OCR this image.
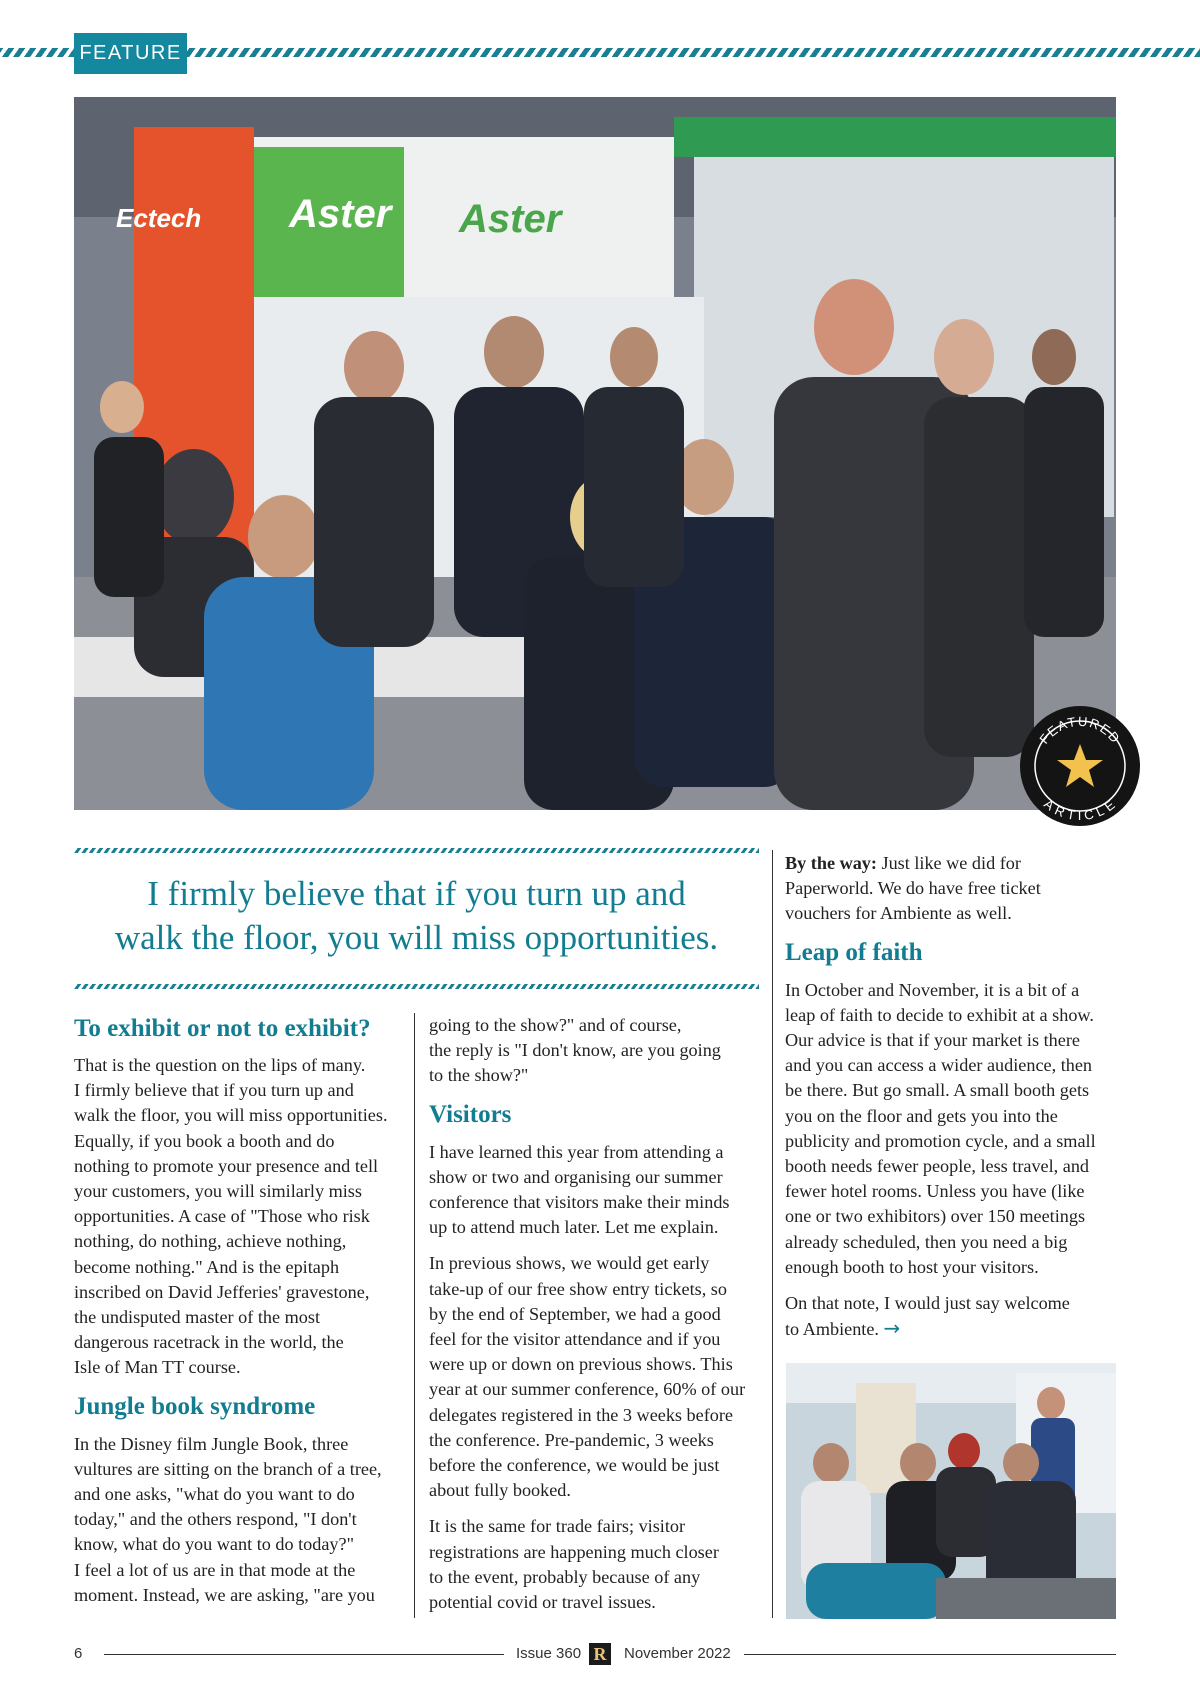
FEATURE
Ectech Aster Aster
FEATURED
ARTICLE
I firmly believe that if you turn up and
walk the floor, you will miss opportunities.
To exhibit or not to exhibit?

That is the question on the lips of many.
I firmly believe that if you turn up and
walk the floor, you will miss opportunities.
Equally, if you book a booth and do
nothing to promote your presence and tell
your customers, you will similarly miss
opportunities. A case of "Those who risk
nothing, do nothing, achieve nothing,
become nothing." And is the epitaph
inscribed on David Jefferies' gravestone,
the undisputed master of the most
dangerous racetrack in the world, the
Isle of Man TT course.

Jungle book syndrome

In the Disney film Jungle Book, three
vultures are sitting on the branch of a tree,
and one asks, "what do you want to do
today," and the others respond, "I don't
know, what do you want to do today?"
I feel a lot of us are in that mode at the
moment. Instead, we are asking, "are you

going to the show?" and of course,
the reply is "I don't know, are you going
to the show?"

Visitors

I have learned this year from attending a
show or two and organising our summer
conference that visitors make their minds
up to attend much later. Let me explain.

In previous shows, we would get early
take-up of our free show entry tickets, so
by the end of September, we had a good
feel for the visitor attendance and if you
were up or down on previous shows. This
year at our summer conference, 60% of our
delegates registered in the 3 weeks before
the conference. Pre-pandemic, 3 weeks
before the conference, we would be just
about fully booked.

It is the same for trade fairs; visitor
registrations are happening much closer
to the event, probably because of any
potential covid or travel issues.

By the way: Just like we did for
Paperworld. We do have free ticket
vouchers for Ambiente as well.

Leap of faith

In October and November, it is a bit of a
leap of faith to decide to exhibit at a show.
Our advice is that if your market is there
and you can access a wider audience, then
be there. But go small. A small booth gets
you on the floor and gets you into the
publicity and promotion cycle, and a small
booth needs fewer people, less travel, and
fewer hotel rooms. Unless you have (like
one or two exhibitors) over 150 meetings
already scheduled, then you need a big
enough booth to host your visitors.

On that note, I would just say welcome
to Ambiente. →

6	Issue 360 R November 2022
